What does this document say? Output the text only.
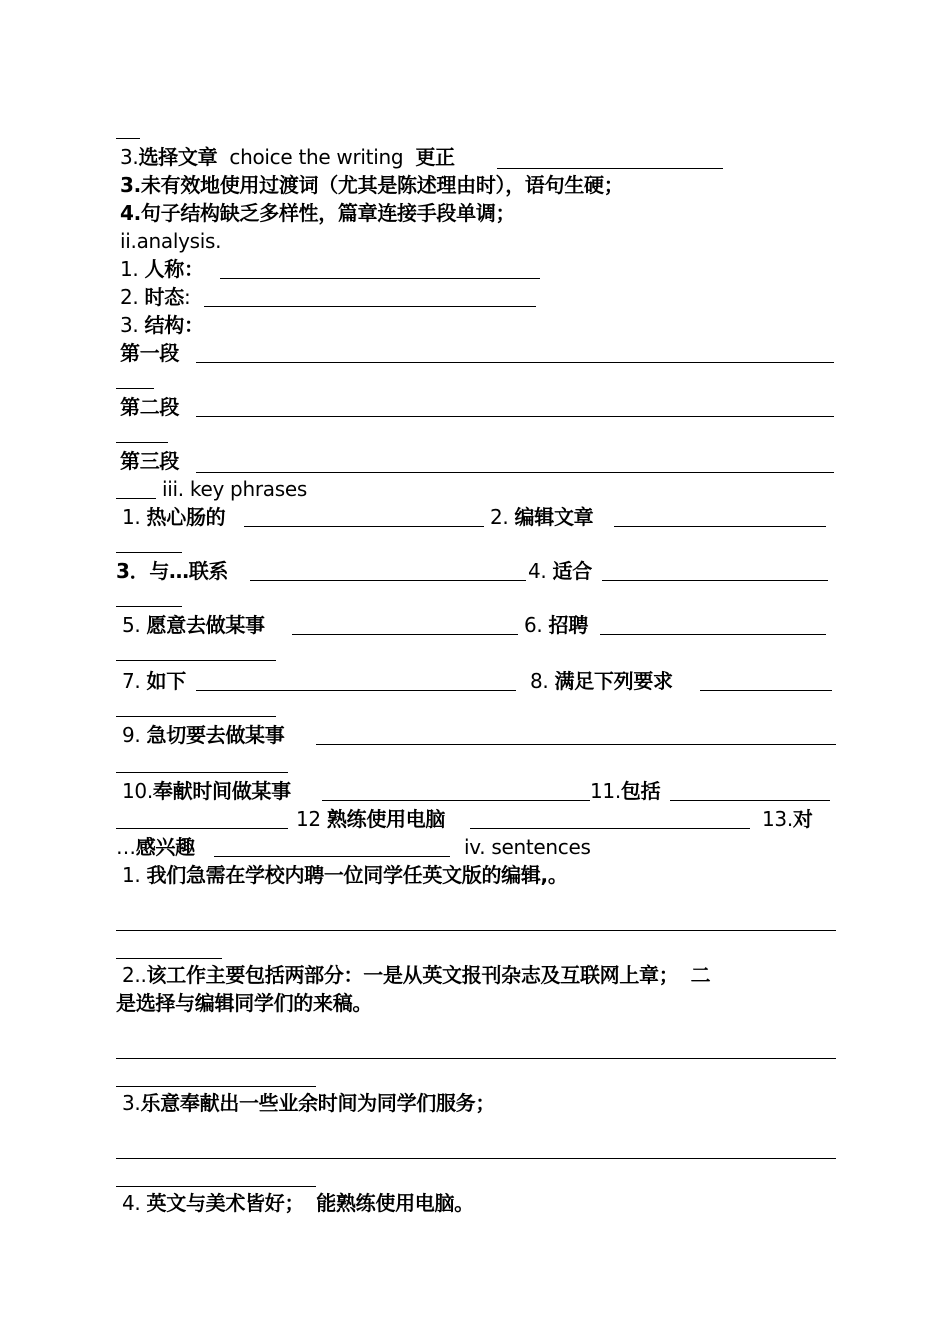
3.选择文章 choice the writing 更正
3.未有效地使用过渡词（尤其是陈述理由时），语句生硬；
4.句子结构缺乏多样性，篇章连接手段单调；
ii.analysis.
1. 人称：
2. 时态:
3. 结构：
第一段
第二段
第三段
iii. key phrases
1. 热心肠的	2. 编辑文章
3．与…联系	4. 适合
5. 愿意去做某事	6. 招聘
7. 如下	8. 满足下列要求
9. 急切要去做某事
10.奉献时间做某事	11.包括
12 熟练使用电脑	13.对
…感兴趣	iv. sentences
1. 我们急需在学校内聘一位同学任英文版的编辑,。
2..该工作主要包括两部分：一是从英文报刊杂志及互联网上章； 二
是选择与编辑同学们的来稿。
3.乐意奉献出一些业余时间为同学们服务；
4. 英文与美术皆好； 能熟练使用电脑。
